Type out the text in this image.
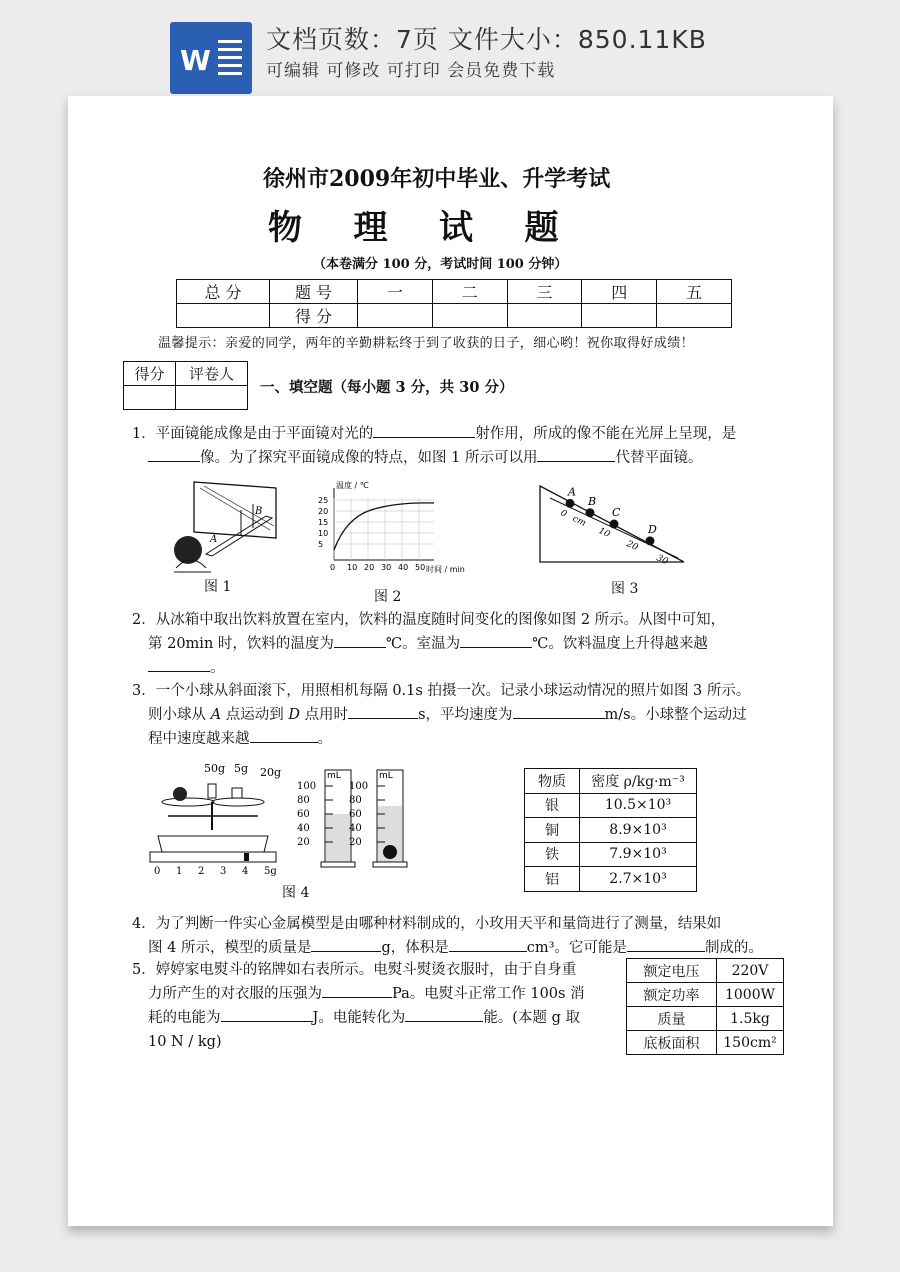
W
文档页数：7页 文件大小：850.11KB
可编辑 可修改 可打印 会员免费下载
徐州市2009年初中毕业、升学考试
物   理   试   题
（本卷满分 100 分，考试时间 100 分钟）
总 分	题 号	一	二	三	四	五
	得 分					
温馨提示：亲爱的同学，两年的辛勤耕耘终于到了收获的日子，细心哟！祝你取得好成绩！
得分	评卷人

一、填空题（每小题 3 分，共 30 分）
1．平面镜能成像是由于平面镜对光的	射作用，所成的像不能在光屏上呈现，是
像。为了探究平面镜成像的特点，如图 1 所示可以用	代替平面镜。
A
B
图 1
温度 / ℃
25
20
15
10
5
0 10 20 30 40 50 时间 / min
图 2
0 cm
10
20
30
A
B
C
D
图 3
2．从冰箱中取出饮料放置在室内，饮料的温度随时间变化的图像如图 2 所示。从图中可知，
第 20min 时，饮料的温度为	℃。室温为	℃。饮料温度上升得越来越
。
3．一个小球从斜面滚下，用照相机每隔 0.1s 拍摄一次。记录小球运动情况的照片如图 3 所示。
则小球从 A 点运动到 D 点用时	s，平均速度为	m/s。小球整个运动过
程中速度越来越	。
50g 5g 20g
0 1 2 3 4 5g
mL
100
80
60
40
20
mL
100
80
60
40
20
图 4
物质	密度 ρ/kg·m⁻³
银	10.5×10³
铜	8.9×10³
铁	7.9×10³
铝	2.7×10³
4．为了判断一件实心金属模型是由哪种材料制成的，小玫用天平和量筒进行了测量，结果如
图 4 所示，模型的质量是	g，体积是	cm³。它可能是	制成的。
5．婷婷家电熨斗的铭牌如右表所示。电熨斗熨烫衣服时，由于自身重
力所产生的对衣服的压强为	Pa。电熨斗正常工作 100s 消
耗的电能为	J。电能转化为	能。(本题 g 取
10 N / kg)
额定电压	220V
额定功率	1000W
质量	1.5kg
底板面积	150cm²
